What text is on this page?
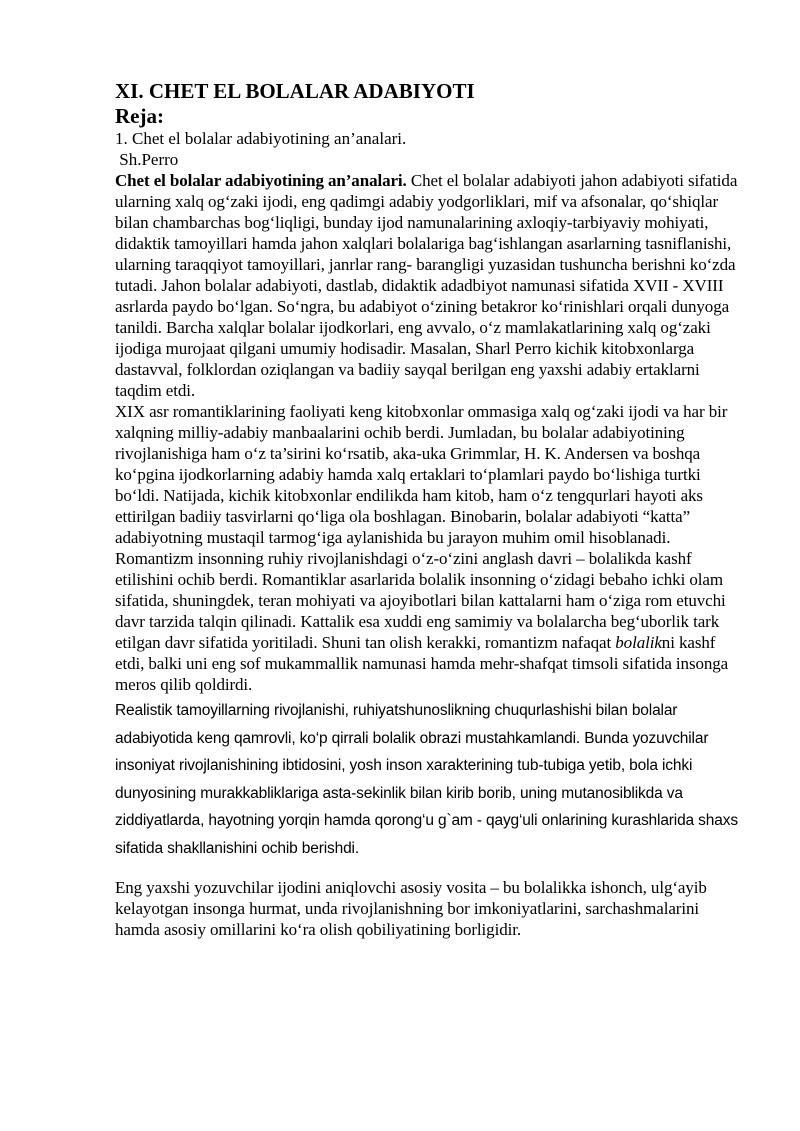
XI. CHET EL BOLALAR ADABIYOTI

Reja:

1. Chet el bolalar adabiyotining an’analari.

Sh.Perro

Chet el bolalar adabiyotining an’analari. Chet el bolalar adabiyoti jahon adabiyoti sifatida ularning xalq og‘zaki ijodi, eng qadimgi adabiy yodgorliklari, mif va afsonalar, qo‘shiqlar bilan chambarchas bog‘liqligi, bunday ijod namunalarining axloqiy-tarbiyaviy mohiyati, didaktik tamoyillari hamda jahon xalqlari bolalariga bag‘ishlangan asarlarning tasniflanishi, ularning taraqqiyot tamoyillari, janrlar rang- barangligi yuzasidan tushuncha berishni ko‘zda tutadi. Jahon bolalar adabiyoti, dastlab, didaktik adadbiyot namunasi sifatida XVII - XVIII asrlarda paydo bo‘lgan. So‘ngra, bu adabiyot o‘zining betakror ko‘rinishlari orqali dunyoga tanildi. Barcha xalqlar bolalar ijodkorlari, eng avvalo, o‘z mamlakatlarining xalq og‘zaki ijodiga murojaat qilgani umumiy hodisadir. Masalan, Sharl Perro kichik kitobxonlarga dastavval, folklordan oziqlangan va badiiy sayqal berilgan eng yaxshi adabiy ertaklarni taqdim etdi.

XIX asr romantiklarining faoliyati keng kitobxonlar ommasiga xalq og‘zaki ijodi va har bir xalqning milliy-adabiy manbaalarini ochib berdi. Jumladan, bu bolalar adabiyotining rivojlanishiga ham o‘z ta’sirini ko‘rsatib, aka-uka Grimmlar, H. K. Andersen va boshqa ko‘pgina ijodkorlarning adabiy hamda xalq ertaklari to‘plamlari paydo bo‘lishiga turtki bo‘ldi. Natijada, kichik kitobxonlar endilikda ham kitob, ham o‘z tengqurlari hayoti aks ettirilgan badiiy tasvirlarni qo‘liga ola boshlagan. Binobarin, bolalar adabiyoti “katta” adabiyotning mustaqil tarmog‘iga aylanishida bu jarayon muhim omil hisoblanadi.

Romantizm insonning ruhiy rivojlanishdagi o‘z-o‘zini anglash davri – bolalikda kashf etilishini ochib berdi. Romantiklar asarlarida bolalik insonning o‘zidagi bebaho ichki olam sifatida, shuningdek, teran mohiyati va ajoyibotlari bilan kattalarni ham o‘ziga rom etuvchi davr tarzida talqin qilinadi. Kattalik esa xuddi eng samimiy va bolalarcha beg‘uborlik tark etilgan davr sifatida yoritiladi. Shuni tan olish kerakki, romantizm nafaqat bolalikni kashf etdi, balki uni eng sof mukammallik namunasi hamda mehr-shafqat timsoli sifatida insonga meros qilib qoldirdi.

Realistik tamoyillarning rivojlanishi, ruhiyatshunoslikning chuqurlashishi bilan bolalar adabiyotida keng qamrovli, ko‘p qirrali bolalik obrazi mustahkamlandi. Bunda yozuvchilar insoniyat rivojlanishining ibtidosini, yosh inson xarakterining tub-tubiga yetib, bola ichki dunyosining murakkabliklariga asta-sekinlik bilan kirib borib, uning mutanosiblikda va ziddiyatlarda, hayotning yorqin hamda qorong‘u g`am - qayg‘uli onlarining kurashlarida shaxs sifatida shakllanishini ochib berishdi.

Eng yaxshi yozuvchilar ijodini aniqlovchi asosiy vosita – bu bolalikka ishonch, ulg‘ayib kelayotgan insonga hurmat, unda rivojlanishning bor imkoniyatlarini, sarchashmalarini hamda asosiy omillarini ko‘ra olish qobiliyatining borligidir.
